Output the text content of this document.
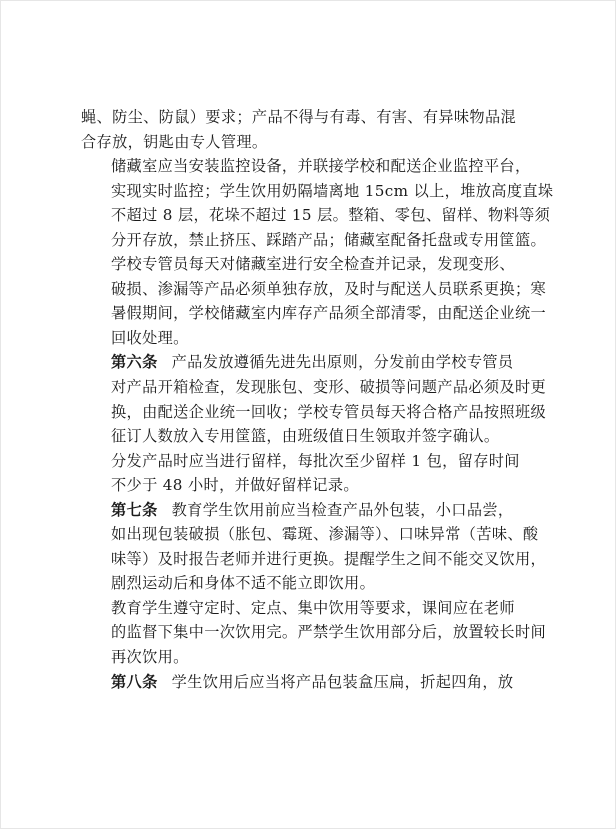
蝇、防尘、防鼠）要求；产品不得与有毒、有害、有异味物品混
合存放，钥匙由专人管理。

储藏室应当安装监控设备，并联接学校和配送企业监控平台，
实现实时监控；学生饮用奶隔墙离地 15cm 以上，堆放高度直垛
不超过 8 层，花垛不超过 15 层。整箱、零包、留样、物料等须
分开存放，禁止挤压、踩踏产品；储藏室配备托盘或专用筐篮。

学校专管员每天对储藏室进行安全检查并记录，发现变形、
破损、渗漏等产品必须单独存放，及时与配送人员联系更换；寒
暑假期间，学校储藏室内库存产品须全部清零，由配送企业统一
回收处理。

第六条 产品发放遵循先进先出原则，分发前由学校专管员
对产品开箱检查，发现胀包、变形、破损等问题产品必须及时更
换，由配送企业统一回收；学校专管员每天将合格产品按照班级
征订人数放入专用筐篮，由班级值日生领取并签字确认。

分发产品时应当进行留样，每批次至少留样 1 包，留存时间
不少于 48 小时，并做好留样记录。

第七条 教育学生饮用前应当检查产品外包装，小口品尝，
如出现包装破损（胀包、霉斑、渗漏等）、口味异常（苦味、酸
味等）及时报告老师并进行更换。提醒学生之间不能交叉饮用，
剧烈运动后和身体不适不能立即饮用。

教育学生遵守定时、定点、集中饮用等要求，课间应在老师
的监督下集中一次饮用完。严禁学生饮用部分后，放置较长时间
再次饮用。

第八条 学生饮用后应当将产品包装盒压扁，折起四角，放
